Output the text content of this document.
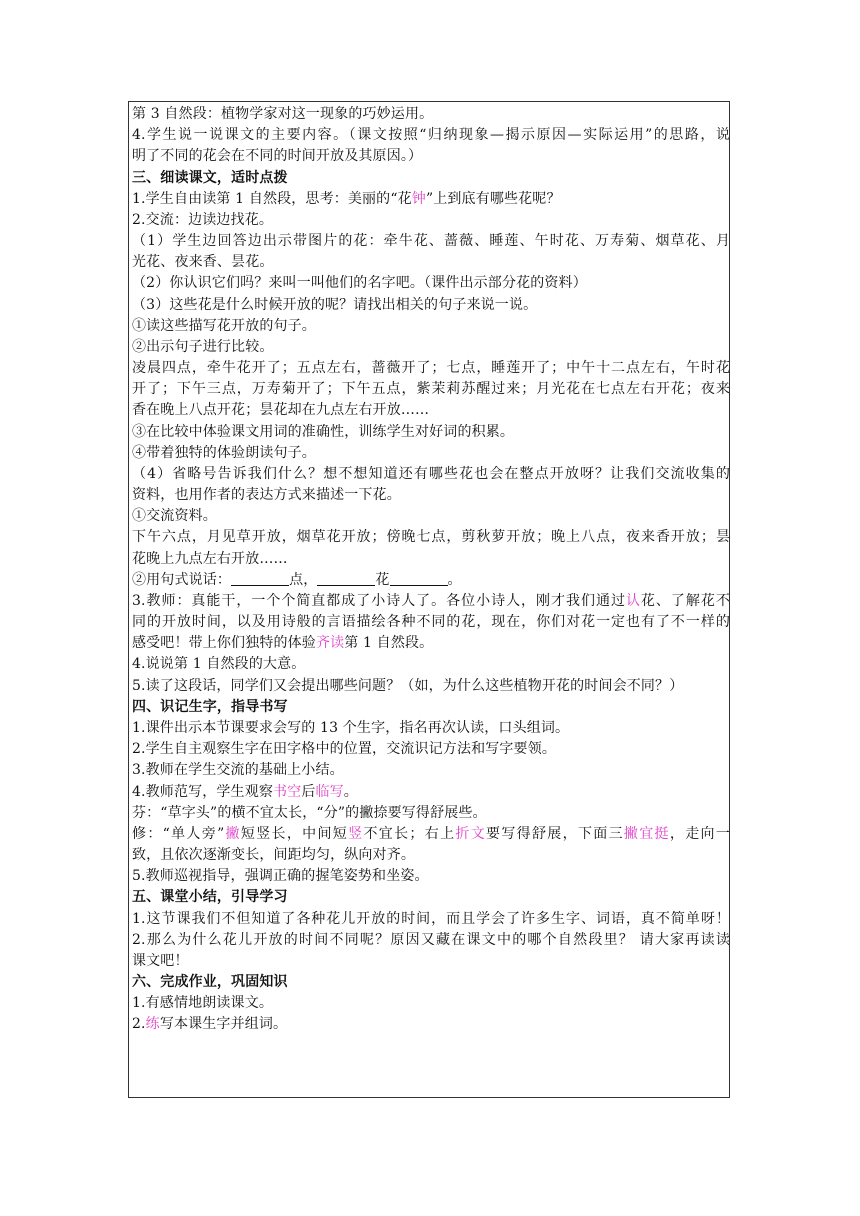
第 3 自然段：植物学家对这一现象的巧妙运用。
4.学生说一说课文的主要内容。（课文按照“归纳现象—揭示原因—实际运用”的思路，说
明了不同的花会在不同的时间开放及其原因。）
三、细读课文，适时点拨
1.学生自由读第 1 自然段，思考：美丽的“花钟”上到底有哪些花呢？
2.交流：边读边找花。
（1）学生边回答边出示带图片的花：牵牛花、蔷薇、睡莲、午时花、万寿菊、烟草花、月
光花、夜来香、昙花。
（2）你认识它们吗？来叫一叫他们的名字吧。（课件出示部分花的资料）
（3）这些花是什么时候开放的呢？请找出相关的句子来说一说。
①读这些描写花开放的句子。
②出示句子进行比较。
凌晨四点，牵牛花开了；五点左右，蔷薇开了；七点，睡莲开了；中午十二点左右，午时花
开了；下午三点，万寿菊开了；下午五点，紫茉莉苏醒过来；月光花在七点左右开花；夜来
香在晚上八点开花；昙花却在九点左右开放……
③在比较中体验课文用词的准确性，训练学生对好词的积累。
④带着独特的体验朗读句子。
（4）省略号告诉我们什么？想不想知道还有哪些花也会在整点开放呀？让我们交流收集的
资料，也用作者的表达方式来描述一下花。
①交流资料。
下午六点，月见草开放，烟草花开放；傍晚七点，剪秋萝开放；晚上八点，夜来香开放；昙
花晚上九点左右开放……
②用句式说话：	点，	花	。
3.教师：真能干，一个个简直都成了小诗人了。各位小诗人，刚才我们通过认花、了解花不
同的开放时间，以及用诗般的言语描绘各种不同的花，现在，你们对花一定也有了不一样的
感受吧！带上你们独特的体验齐读第 1 自然段。
4.说说第 1 自然段的大意。
5.读了这段话，同学们又会提出哪些问题？（如，为什么这些植物开花的时间会不同？）
四、识记生字，指导书写
1.课件出示本节课要求会写的 13 个生字，指名再次认读，口头组词。
2.学生自主观察生字在田字格中的位置，交流识记方法和写字要领。
3.教师在学生交流的基础上小结。
4.教师范写，学生观察书空后临写。
芬：“草字头”的横不宜太长，“分”的撇捺要写得舒展些。
修：“单人旁”撇短竖长，中间短竖不宜长；右上折文要写得舒展，下面三撇宜挺，走向一
致，且依次逐渐变长，间距均匀，纵向对齐。
5.教师巡视指导，强调正确的握笔姿势和坐姿。
五、课堂小结，引导学习
1.这节课我们不但知道了各种花儿开放的时间，而且学会了许多生字、词语，真不简单呀！
2.那么为什么花儿开放的时间不同呢？原因又藏在课文中的哪个自然段里？ 请大家再读读
课文吧！
六、完成作业，巩固知识
1.有感情地朗读课文。
2.练写本课生字并组词。
